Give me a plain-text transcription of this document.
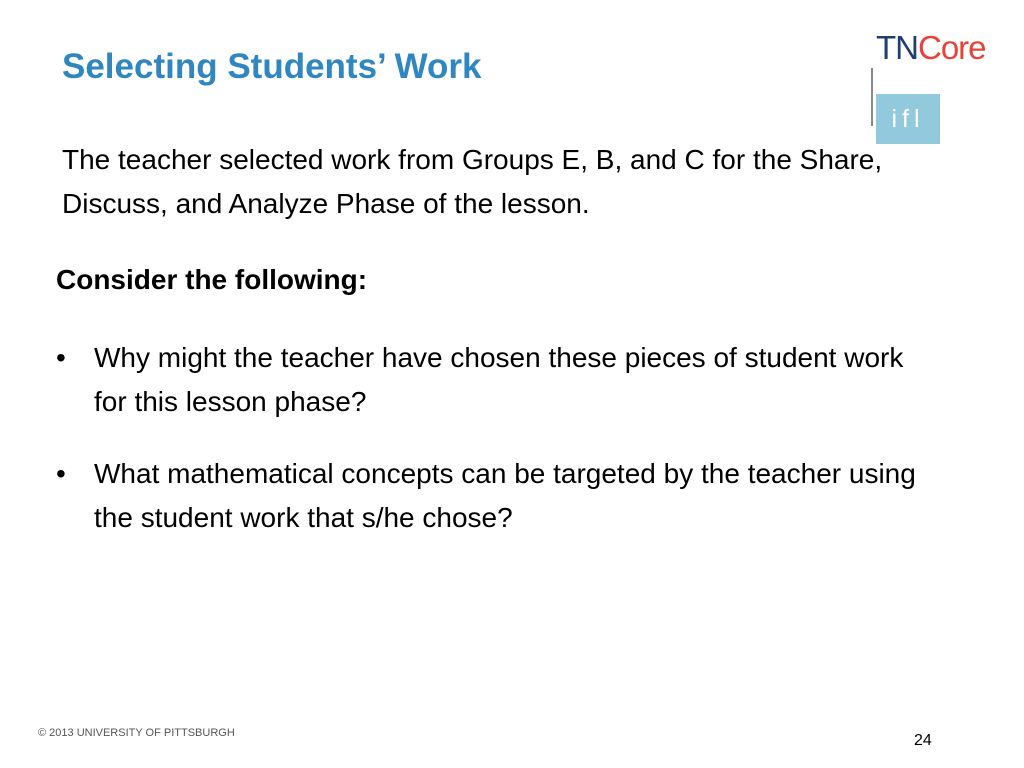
Selecting Students’ Work	TNCore
ifl

The teacher selected work from Groups E, B, and C for the Share, Discuss, and Analyze Phase of the lesson.

Consider the following:

• Why might the teacher have chosen these pieces of student work for this lesson phase?
• What mathematical concepts can be targeted by the teacher using the student work that s/he chose?
© 2013 UNIVERSITY OF PITTSBURGH	24
